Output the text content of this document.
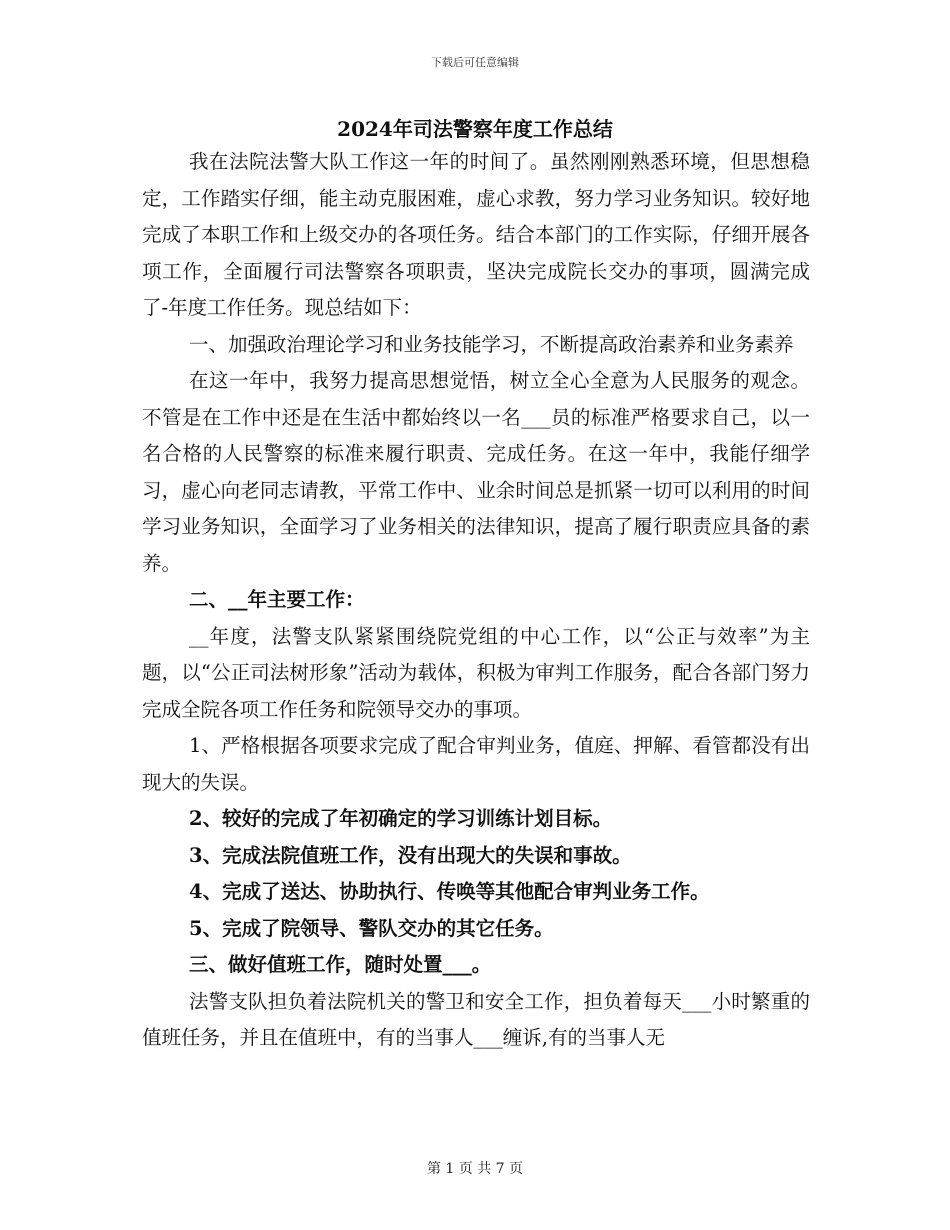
下载后可任意编辑
2024年司法警察年度工作总结

我在法院法警大队工作这一年的时间了。虽然刚刚熟悉环境，但思想稳定，工作踏实仔细，能主动克服困难，虚心求教，努力学习业务知识。较好地完成了本职工作和上级交办的各项任务。结合本部门的工作实际，仔细开展各项工作，全面履行司法警察各项职责，坚决完成院长交办的事项，圆满完成了-年度工作任务。现总结如下：

一、加强政治理论学习和业务技能学习，不断提高政治素养和业务素养

在这一年中，我努力提高思想觉悟，树立全心全意为人民服务的观念。不管是在工作中还是在生活中都始终以一名___员的标准严格要求自己，以一名合格的人民警察的标准来履行职责、完成任务。在这一年中，我能仔细学习，虚心向老同志请教，平常工作中、业余时间总是抓紧一切可以利用的时间学习业务知识，全面学习了业务相关的法律知识，提高了履行职责应具备的素养。

二、__年主要工作：

__年度，法警支队紧紧围绕院党组的中心工作，以“公正与效率”为主题，以“公正司法树形象”活动为载体，积极为审判工作服务，配合各部门努力完成全院各项工作任务和院领导交办的事项。

1、严格根据各项要求完成了配合审判业务，值庭、押解、看管都没有出现大的失误。

2、较好的完成了年初确定的学习训练计划目标。

3、完成法院值班工作，没有出现大的失误和事故。

4、完成了送达、协助执行、传唤等其他配合审判业务工作。

5、完成了院领导、警队交办的其它任务。

三、做好值班工作，随时处置___。

法警支队担负着法院机关的警卫和安全工作，担负着每天___小时繁重的值班任务，并且在值班中，有的当事人___缠诉,有的当事人无

第 1 页 共 7 页
